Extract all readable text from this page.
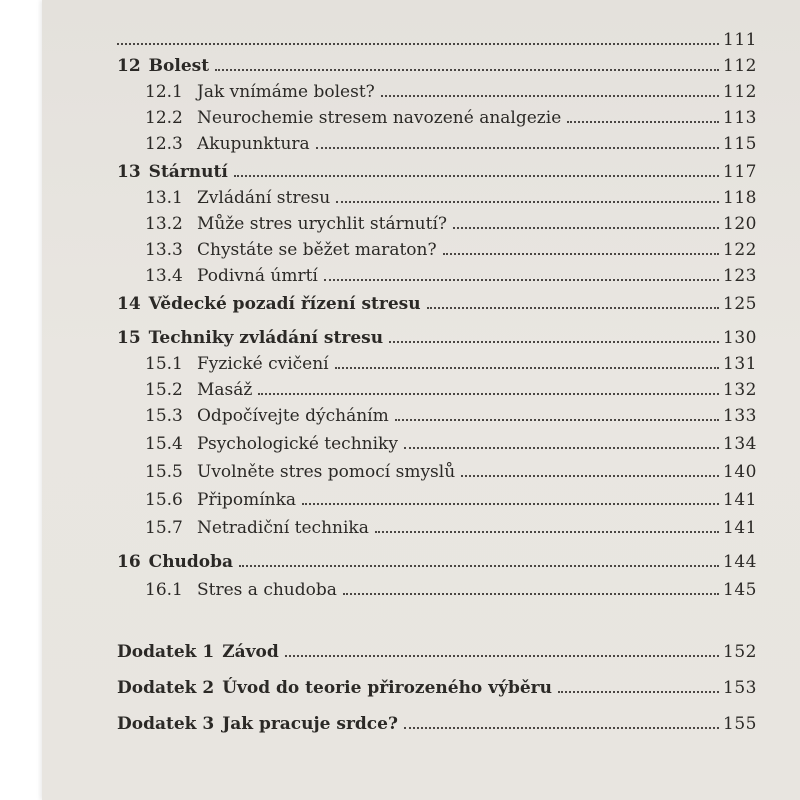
111
12 Bolest	112
12.1 Jak vnímáme bolest?	112
12.2 Neurochemie stresem navozené analgezie	113
12.3 Akupunktura	115
13 Stárnutí	117
13.1 Zvládání stresu	118
13.2 Může stres urychlit stárnutí?	120
13.3 Chystáte se běžet maraton?	122
13.4 Podivná úmrtí	123
14 Vědecké pozadí řízení stresu	125
15 Techniky zvládání stresu	130
15.1 Fyzické cvičení	131
15.2 Masáž	132
15.3 Odpočívejte dýcháním	133
15.4 Psychologické techniky	134
15.5 Uvolněte stres pomocí smyslů	140
15.6 Připomínka	141
15.7 Netradiční technika	141
16 Chudoba	144
16.1 Stres a chudoba	145
Dodatek 1 Závod	152
Dodatek 2 Úvod do teorie přirozeného výběru	153
Dodatek 3 Jak pracuje srdce?	155
